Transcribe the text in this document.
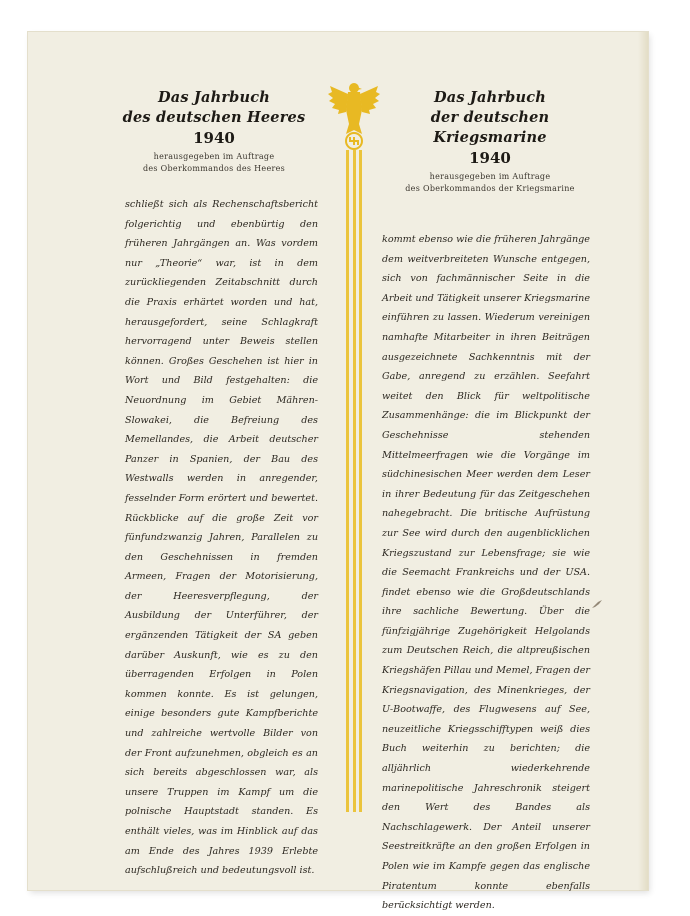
Das Jahrbuch

des deutschen Heeres

1940

herausgegeben im Auftrage

des Oberkommandos des Heeres

Das Jahrbuch

der deutschen

Kriegsmarine

1940

herausgegeben im Auftrage

des Oberkommandos der Kriegsmarine

schließt sich als Rechenschaftsbericht folgerichtig und ebenbürtig den früheren Jahrgängen an. Was vordem nur „Theorie“ war, ist in dem zurückliegenden Zeitabschnitt durch die Praxis erhärtet worden und hat, herausgefordert, seine Schlagkraft hervorragend unter Beweis stellen können. Großes Geschehen ist hier in Wort und Bild festgehalten: die Neuordnung im Gebiet Mähren-Slowakei, die Befreiung des Memellandes, die Arbeit deutscher Panzer in Spanien, der Bau des Westwalls werden in anregender, fesselnder Form erörtert und bewertet. Rückblicke auf die große Zeit vor fünfundzwanzig Jahren, Parallelen zu den Geschehnissen in fremden Armeen, Fragen der Motorisierung, der Heeresverpflegung, der Ausbildung der Unterführer, der ergänzenden Tätigkeit der SA geben darüber Auskunft, wie es zu den überragenden Erfolgen in Polen kommen konnte. Es ist gelungen, einige besonders gute Kampfberichte und zahlreiche wertvolle Bilder von der Front aufzunehmen, obgleich es an sich bereits abgeschlossen war, als unsere Truppen im Kampf um die polnische Hauptstadt standen. Es enthält vieles, was im Hinblick auf das am Ende des Jahres 1939 Erlebte aufschlußreich und bedeutungsvoll ist.

kommt ebenso wie die früheren Jahrgänge dem weitverbreiteten Wunsche entgegen, sich von fachmännischer Seite in die Arbeit und Tätigkeit unserer Kriegsmarine einführen zu lassen. Wiederum vereinigen namhafte Mitarbeiter in ihren Beiträgen ausgezeichnete Sachkenntnis mit der Gabe, anregend zu erzählen. Seefahrt weitet den Blick für weltpolitische Zusammenhänge: die im Blickpunkt der Geschehnisse stehenden Mittelmeerfragen wie die Vorgänge im südchinesischen Meer werden dem Leser in ihrer Bedeutung für das Zeitgeschehen nahegebracht. Die britische Aufrüstung zur See wird durch den augenblicklichen Kriegszustand zur Lebensfrage; sie wie die Seemacht Frankreichs und der USA. findet ebenso wie die Großdeutschlands ihre sachliche Bewertung. Über die fünfzigjährige Zugehörigkeit Helgolands zum Deutschen Reich, die altpreußischen Kriegshäfen Pillau und Memel, Fragen der Kriegsnavigation, des Minenkrieges, der U-Bootwaffe, des Flugwesens auf See, neuzeitliche Kriegsschifftypen weiß dies Buch weiterhin zu berichten; die alljährlich wiederkehrende marinepolitische Jahreschronik steigert den Wert des Bandes als Nachschlagewerk. Der Anteil unserer Seestreitkräfte an den großen Erfolgen in Polen wie im Kampfe gegen das englische Piratentum konnte ebenfalls berücksichtigt werden.
